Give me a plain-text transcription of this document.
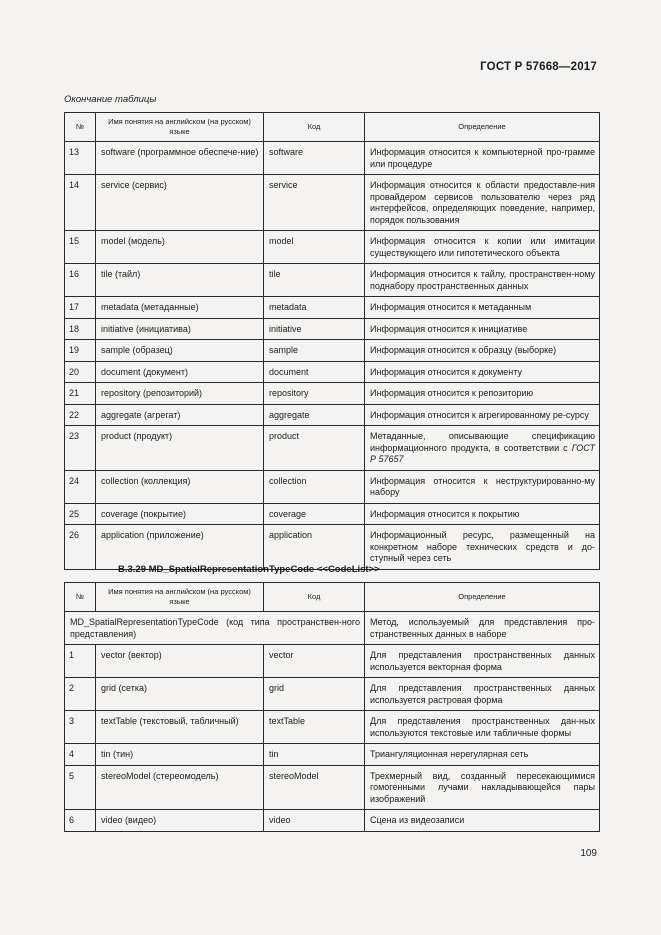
ГОСТ Р 57668—2017
Окончание таблицы
№	Имя понятия на английском (на русском) языке	Код	Определение
13	software (программное обеспече-ние)	software	Информация относится к компьютерной про-грамме или процедуре
14	service (сервис)	service	Информация относится к области предоставле-ния провайдером сервисов пользователю через ряд интерфейсов, определяющих поведение, например, порядок пользования
15	model (модель)	model	Информация относится к копии или имитации существующего или гипотетического объекта
16	tile (тайл)	tile	Информация относится к тайлу, пространствен-ному поднабору пространственных данных
17	metadata (метаданные)	metadata	Информация относится к метаданным
18	initiative (инициатива)	initiative	Информация относится к инициативе
19	sample (образец)	sample	Информация относится к образцу (выборке)
20	document (документ)	document	Информация относится к документу
21	repository (репозиторий)	repository	Информация относится к репозиторию
22	aggregate (агрегат)	aggregate	Информация относится к агрегированному ре-сурсу
23	product (продукт)	product	Метаданные, описывающие спецификацию информационного продукта, в соответствии с ГОСТ Р 57657
24	collection (коллекция)	collection	Информация относится к неструктурированно-му набору
25	coverage (покрытие)	coverage	Информация относится к покрытию
26	application (приложение)	application	Информационный ресурс, размещенный на конкретном наборе технических средств и до-ступный через сеть
B.3.29 MD_SpatialRepresentationTypeCode <<CodeList>>
№	Имя понятия на английском (на русском) языке	Код	Определение
MD_SpatialRepresentationTypeCode (код типа пространствен-ного представления)			Метод, используемый для представления про-странственных данных в наборе
1	vector (вектор)	vector	Для представления пространственных данных используется векторная форма
2	grid (сетка)	grid	Для представления пространственных данных используется растровая форма
3	textTable (текстовый, табличный)	textTable	Для представления пространственных дан-ных используются текстовые или табличные формы
4	tin (тин)	tin	Триангуляционная нерегулярная сеть
5	stereoModel (стереомодель)	stereoModel	Трехмерный вид, созданный пересекающимися гомогенными лучами накладывающейся пары изображений
6	video (видео)	video	Сцена из видеозаписи
109
